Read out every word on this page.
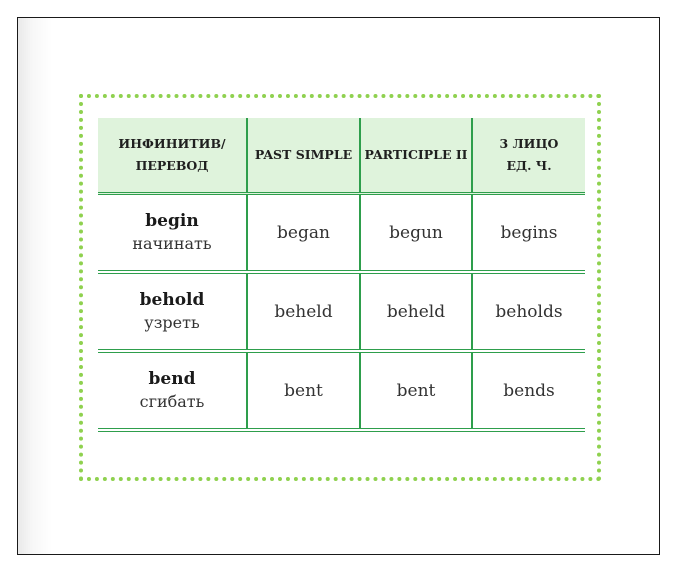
ИНФИНИТИВ/
ПЕРЕВОД	PAST SIMPLE	PARTICIPLE II	3 ЛИЦО
ЕД. Ч.

begin
начинать	began	begun	begins

behold
узреть	beheld	beheld	beholds

bend
сгибать	bent	bent	bends
